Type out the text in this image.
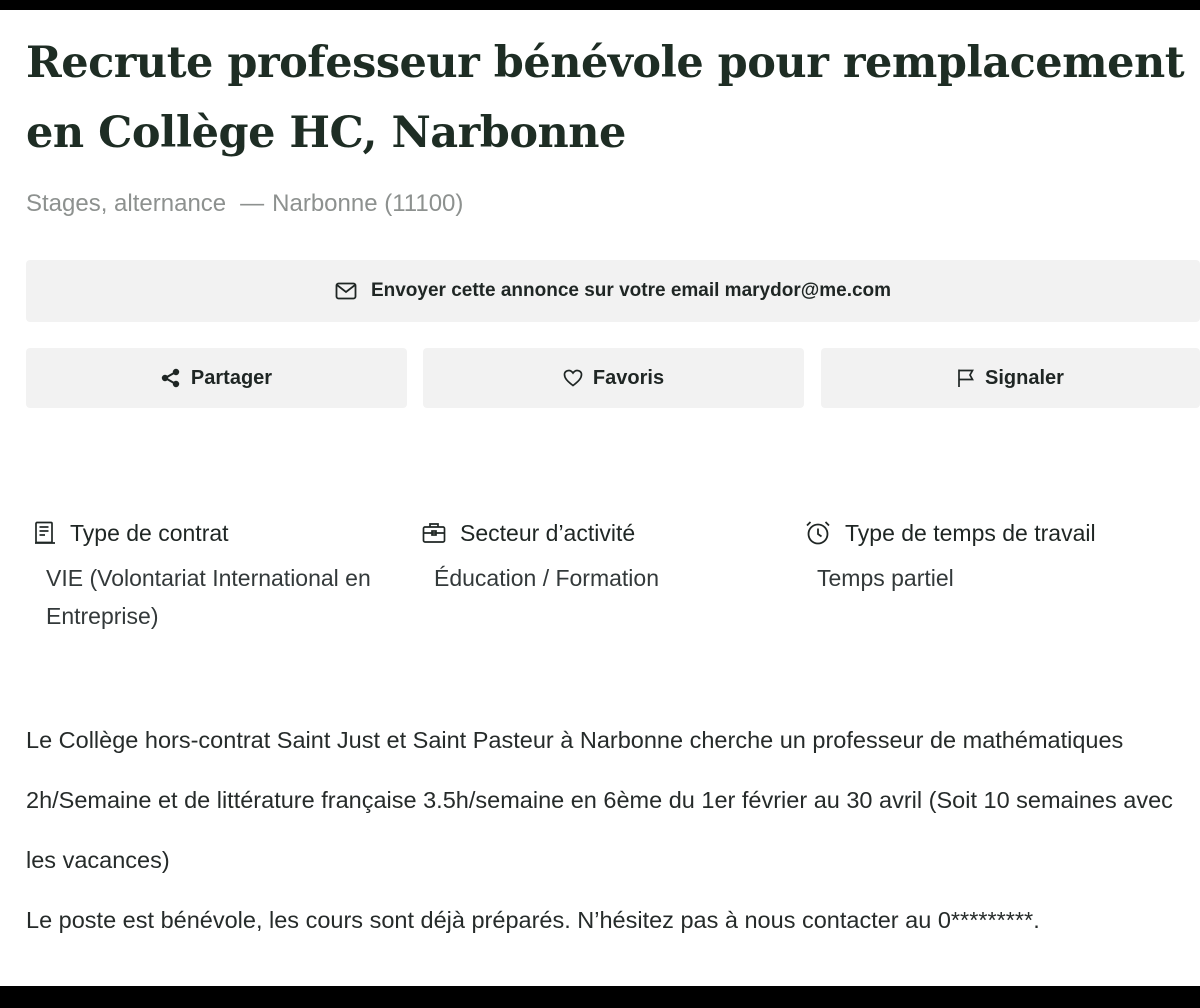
Recrute professeur bénévole pour remplacement en Collège HC, Narbonne
Stages, alternance — Narbonne (11100)
Envoyer cette annonce sur votre email marydor@me.com
Partager	Favoris	Signaler
Type de contrat
VIE (Volontariat International en Entreprise)
Secteur d’activité
Éducation / Formation
Type de temps de travail
Temps partiel

Le Collège hors-contrat Saint Just et Saint Pasteur à Narbonne cherche un professeur de mathématiques 2h/Semaine et de littérature française 3.5h/semaine en 6ème du 1er février au 30 avril (Soit 10 semaines avec les vacances)

Le poste est bénévole, les cours sont déjà préparés. N’hésitez pas à nous contacter au 0*********.
